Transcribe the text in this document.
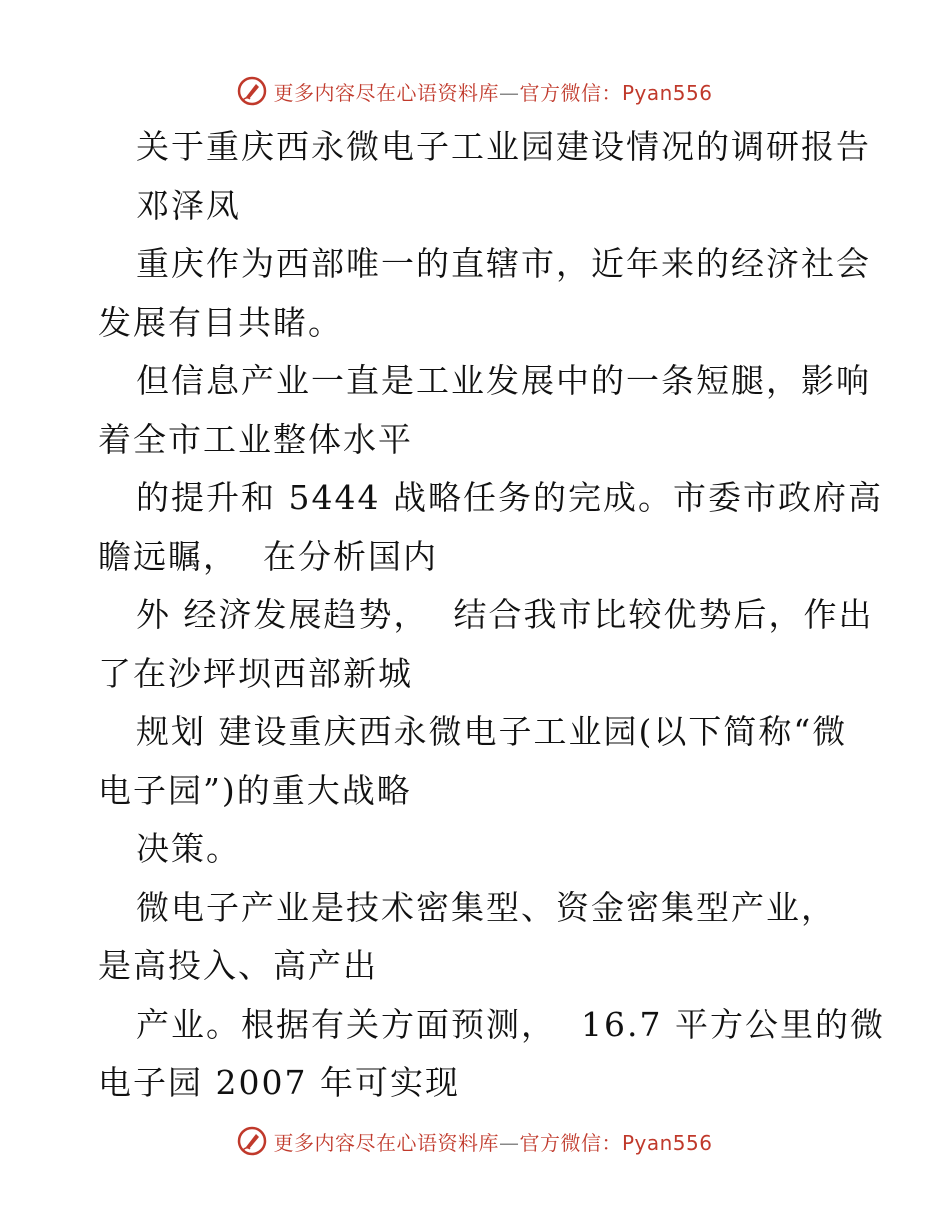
更多内容尽在心语资料库—官方微信：Pyan556
关于重庆西永微电子工业园建设情况的调研报告
邓泽凤
重庆作为西部唯一的直辖市，近年来的经济社会
发展有目共睹。
但信息产业一直是工业发展中的一条短腿，影响
着全市工业整体水平
的提升和 5444 战略任务的完成。市委市政府高
瞻远瞩，  在分析国内
外 经济发展趋势，  结合我市比较优势后，作出
了在沙坪坝西部新城
规划 建设重庆西永微电子工业园(以下简称“微
电子园”)的重大战略
决策。
微电子产业是技术密集型、资金密集型产业，
是高投入、高产出
产业。根据有关方面预测，  16.7 平方公里的微
电子园 2007 年可实现
更多内容尽在心语资料库—官方微信：Pyan556
